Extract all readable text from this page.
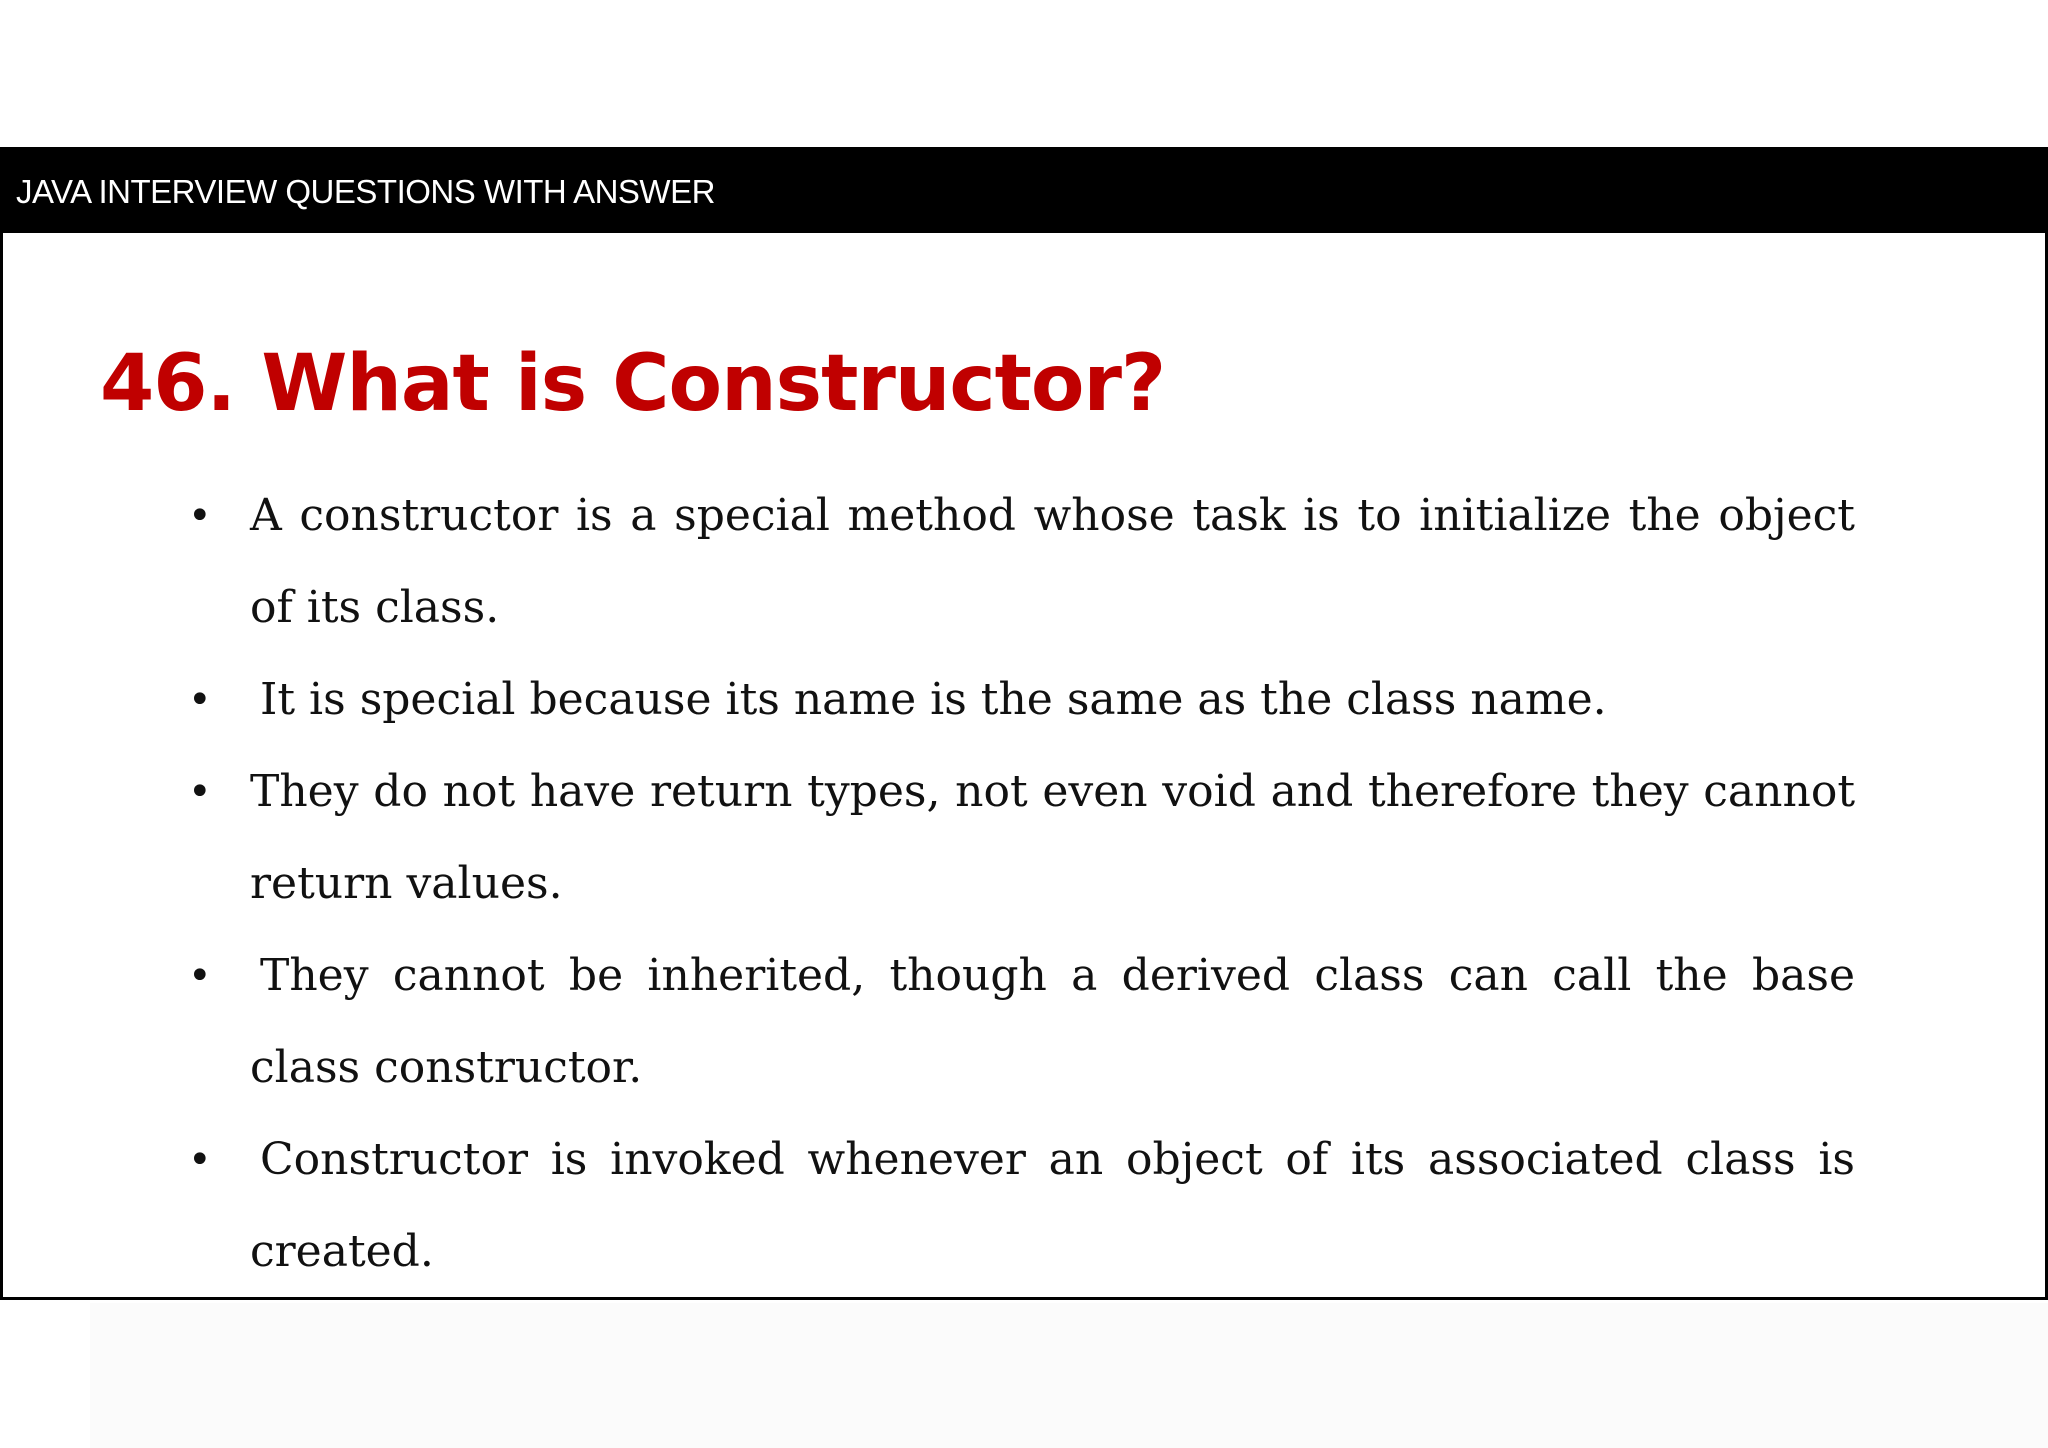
JAVA INTERVIEW QUESTIONS WITH ANSWER
46. What is Constructor?
• A constructor is a special method whose task is to initialize the object of its class.
• It is special because its name is the same as the class name.
• They do not have return types, not even void and therefore they cannot return values.
• They cannot be inherited, though a derived class can call the base class constructor.
• Constructor is invoked whenever an object of its associated class is created.
